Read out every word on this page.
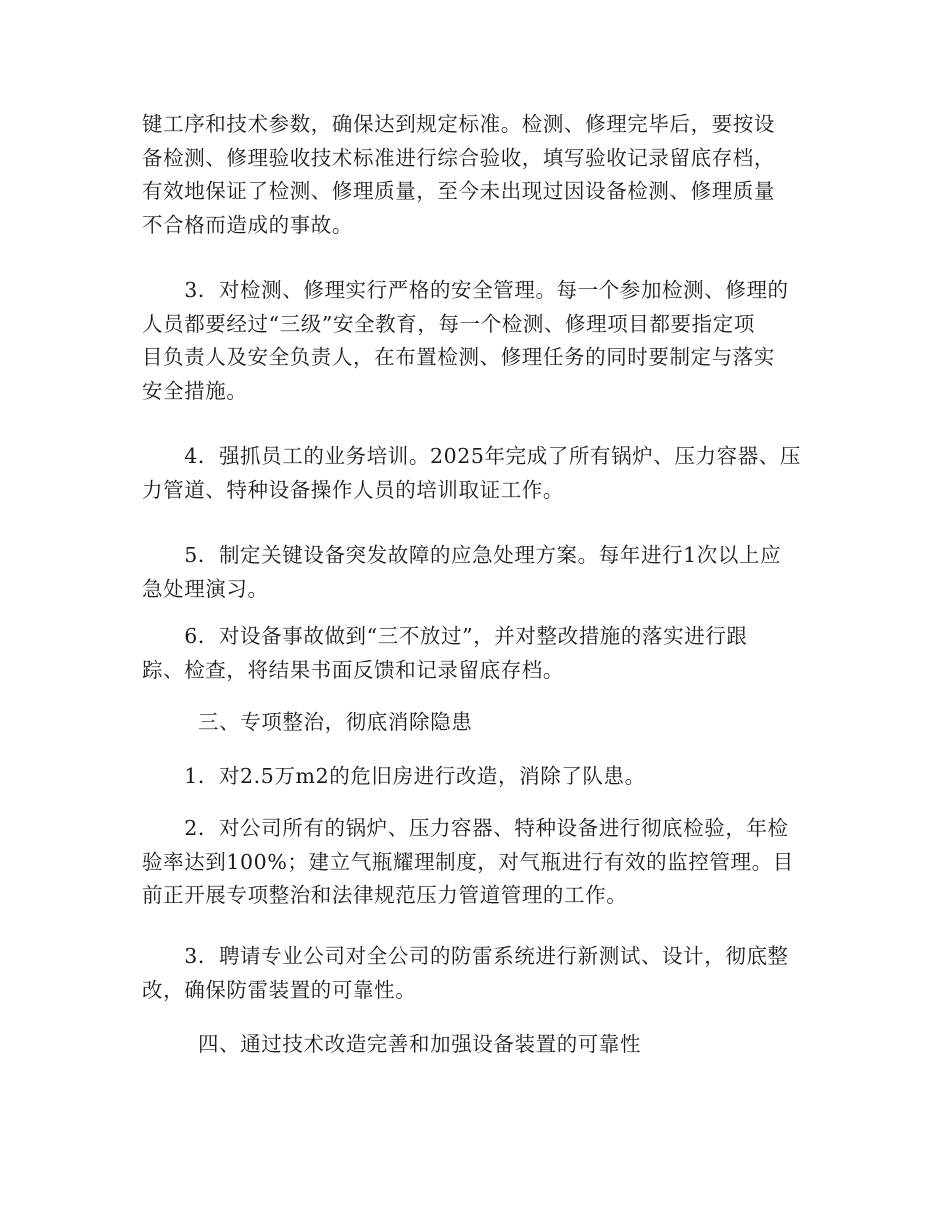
键工序和技术参数，确保达到规定标准。检测、修理完毕后，要按设
备检测、修理验收技术标准进行综合验收，填写验收记录留底存档，
有效地保证了检测、修理质量，至今未出现过因设备检测、修理质量
不合格而造成的事故。
　　3．对检测、修理实行严格的安全管理。每一个参加检测、修理的
人员都要经过“三级”安全教育，每一个检测、修理项目都要指定项
目负责人及安全负责人，在布置检测、修理任务的同时要制定与落实
安全措施。
　　4．强抓员工的业务培训。2025年完成了所有锅炉、压力容器、压
力管道、特种设备操作人员的培训取证工作。
　　5．制定关键设备突发故障的应急处理方案。每年进行1次以上应
急处理演习。
　　6．对设备事故做到“三不放过”，并对整改措施的落实进行跟
踪、检查，将结果书面反馈和记录留底存档。
三、专项整治，彻底消除隐患
　　1．对2.5万m2的危旧房进行改造，消除了队患。
　　2．对公司所有的锅炉、压力容器、特种设备进行彻底检验，年检
验率达到100%；建立气瓶耀理制度，对气瓶进行有效的监控管理。目
前正开展专项整治和法律规范压力管道管理的工作。
　　3．聘请专业公司对全公司的防雷系统进行新测试、设计，彻底整
改，确保防雷装置的可靠性。
四、通过技术改造完善和加强设备装置的可靠性
